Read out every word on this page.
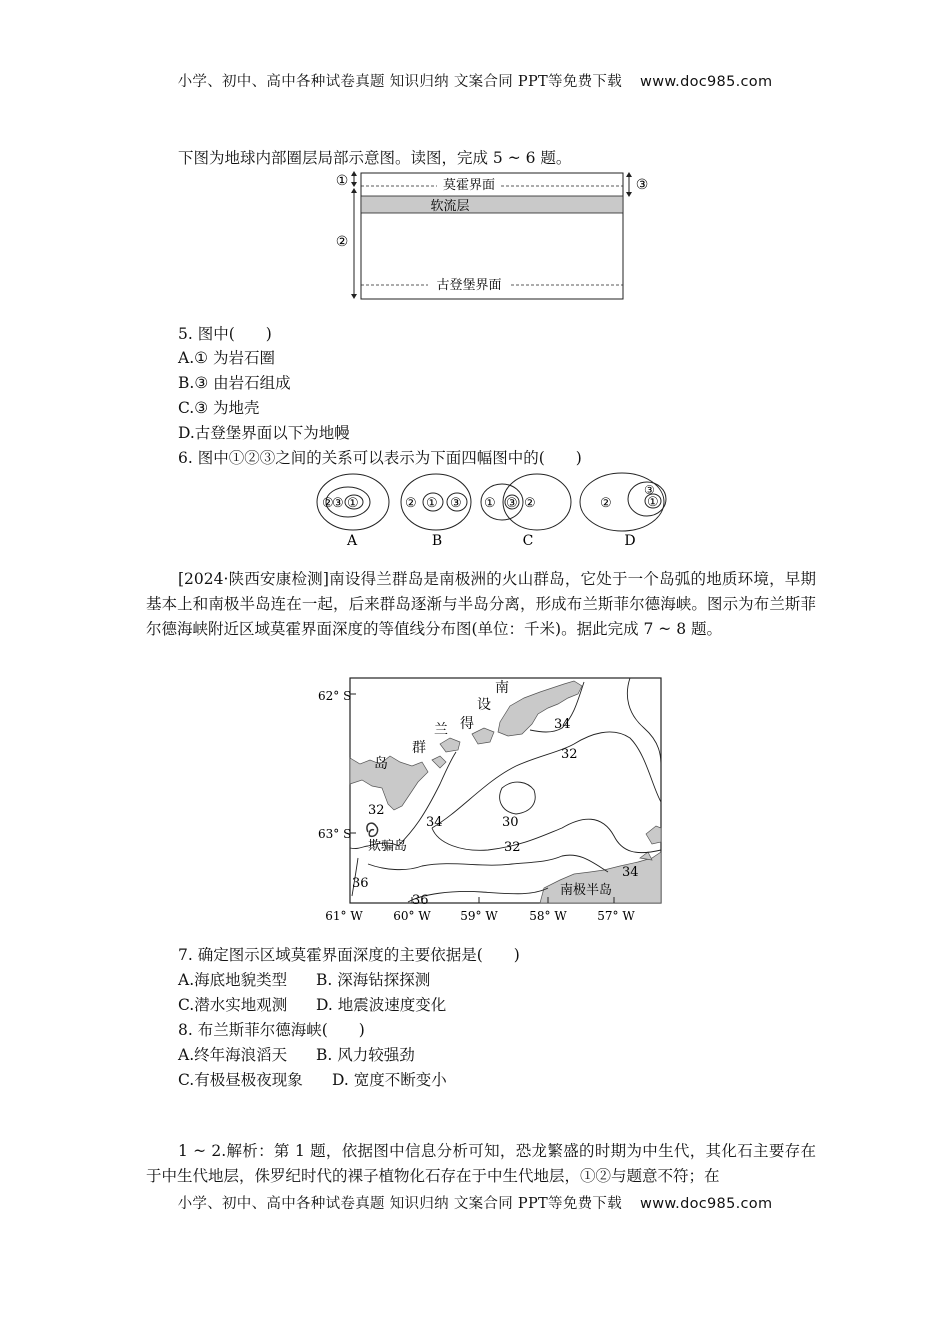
小学、初中、高中各种试卷真题 知识归纳 文案合同 PPT等免费下载 www.doc985.com
下图为地球内部圈层局部示意图。读图，完成 5 ~ 6 题。
莫霍界面
软流层
古登堡界面
①
②
③
5. 图中(　　)
A.① 为岩石圈
B.③ 由岩石组成
C.③ 为地壳
D.古登堡界面以下为地幔
6. 图中①②③之间的关系可以表示为下面四幅图中的(　　)
②
③ ①	② ① ③ ① ③ ②	②
③
①
A	B	C	D
[2024·陕西安康检测]南设得兰群岛是南极洲的火山群岛，它处于一个岛弧的地质环境，早期基本上和南极半岛连在一起，后来群岛逐渐与半岛分离，形成布兰斯菲尔德海峡。图示为布兰斯菲尔德海峡附近区域莫霍界面深度的等值线分布图(单位：千米)。据此完成 7 ~ 8 题。
34
32
30
32
34
32
36
36
34
南
设
得
兰
群
岛
欺骗岛
南极半岛
62° S
63° S
61° W	60° W 59° W	58° W	57° W
7. 确定图示区域莫霍界面深度的主要依据是(　　)
A.海底地貌类型 B. 深海钻探探测
C.潜水实地观测 D. 地震波速度变化
8. 布兰斯菲尔德海峡(　　)
A.终年海浪滔天 B. 风力较强劲
C.有极昼极夜现象 D. 宽度不断变小
1 ~ 2.解析：第 1 题，依据图中信息分析可知，恐龙繁盛的时期为中生代，其化石主要存在于中生代地层，侏罗纪时代的裸子植物化石存在于中生代地层，①②与题意不符；在
小学、初中、高中各种试卷真题 知识归纳 文案合同 PPT等免费下载 www.doc985.com
